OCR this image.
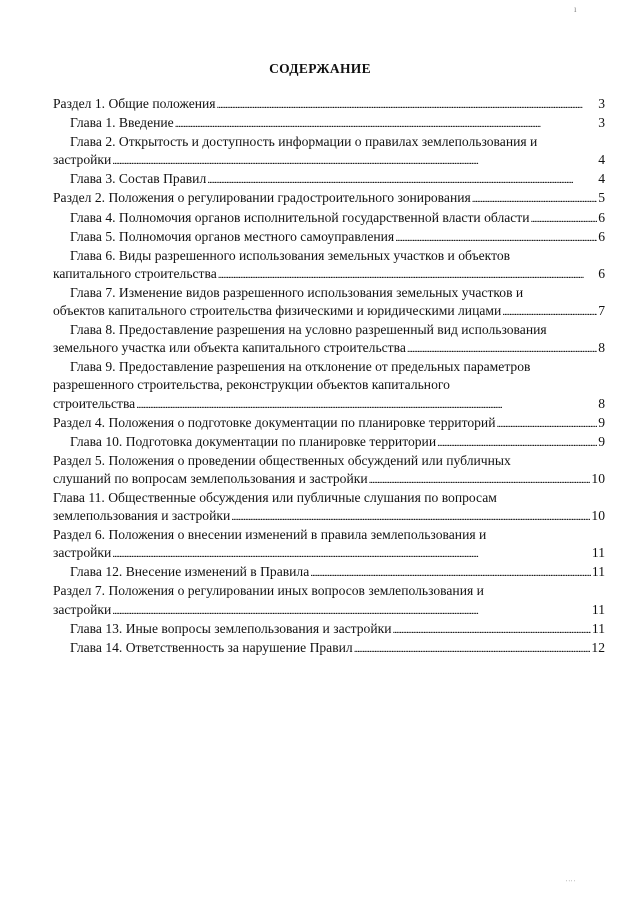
ı
СОДЕРЖАНИЕ
Раздел 1. Общие положения . . .	3
Глава 1. Введение . . .	3
Глава 2. Открытость и доступность информации о правилах землепользования и
застройки . . .	4
Глава 3. Состав Правил . . .	4
Раздел 2. Положения о регулировании градостроительного зонирования . . .	5
Глава 4. Полномочия органов исполнительной государственной власти области . . .	6
Глава 5. Полномочия органов местного самоуправления . . .	6
Глава 6. Виды разрешенного использования земельных участков и объектов
капитального строительства . . .	6
Глава 7. Изменение видов разрешенного использования земельных участков и
объектов капитального строительства физическими и юридическими лицами . . .	7
Глава 8. Предоставление разрешения на условно разрешенный вид использования
земельного участка или объекта капитального строительства . . .	8
Глава 9. Предоставление разрешения на отклонение от предельных параметров
разрешенного строительства, реконструкции объектов капитального
строительства . . .	8
Раздел 4. Положения о подготовке документации по планировке территорий . . .	9
Глава 10. Подготовка документации по планировке территории . . .	9
Раздел 5. Положения о проведении общественных обсуждений или публичных
слушаний по вопросам землепользования и застройки . . .	10
Глава 11. Общественные обсуждения или публичные слушания по вопросам
землепользования и застройки . . .	10
Раздел 6. Положения о внесении изменений в правила землепользования и
застройки . . .	11
Глава 12. Внесение изменений в Правила . . .	11
Раздел 7. Положения о регулировании иных вопросов землепользования и
застройки . . .	11
Глава 13. Иные вопросы землепользования и застройки . . .	11
Глава 14. Ответственность за нарушение Правил . . .	12
' ' ' '
